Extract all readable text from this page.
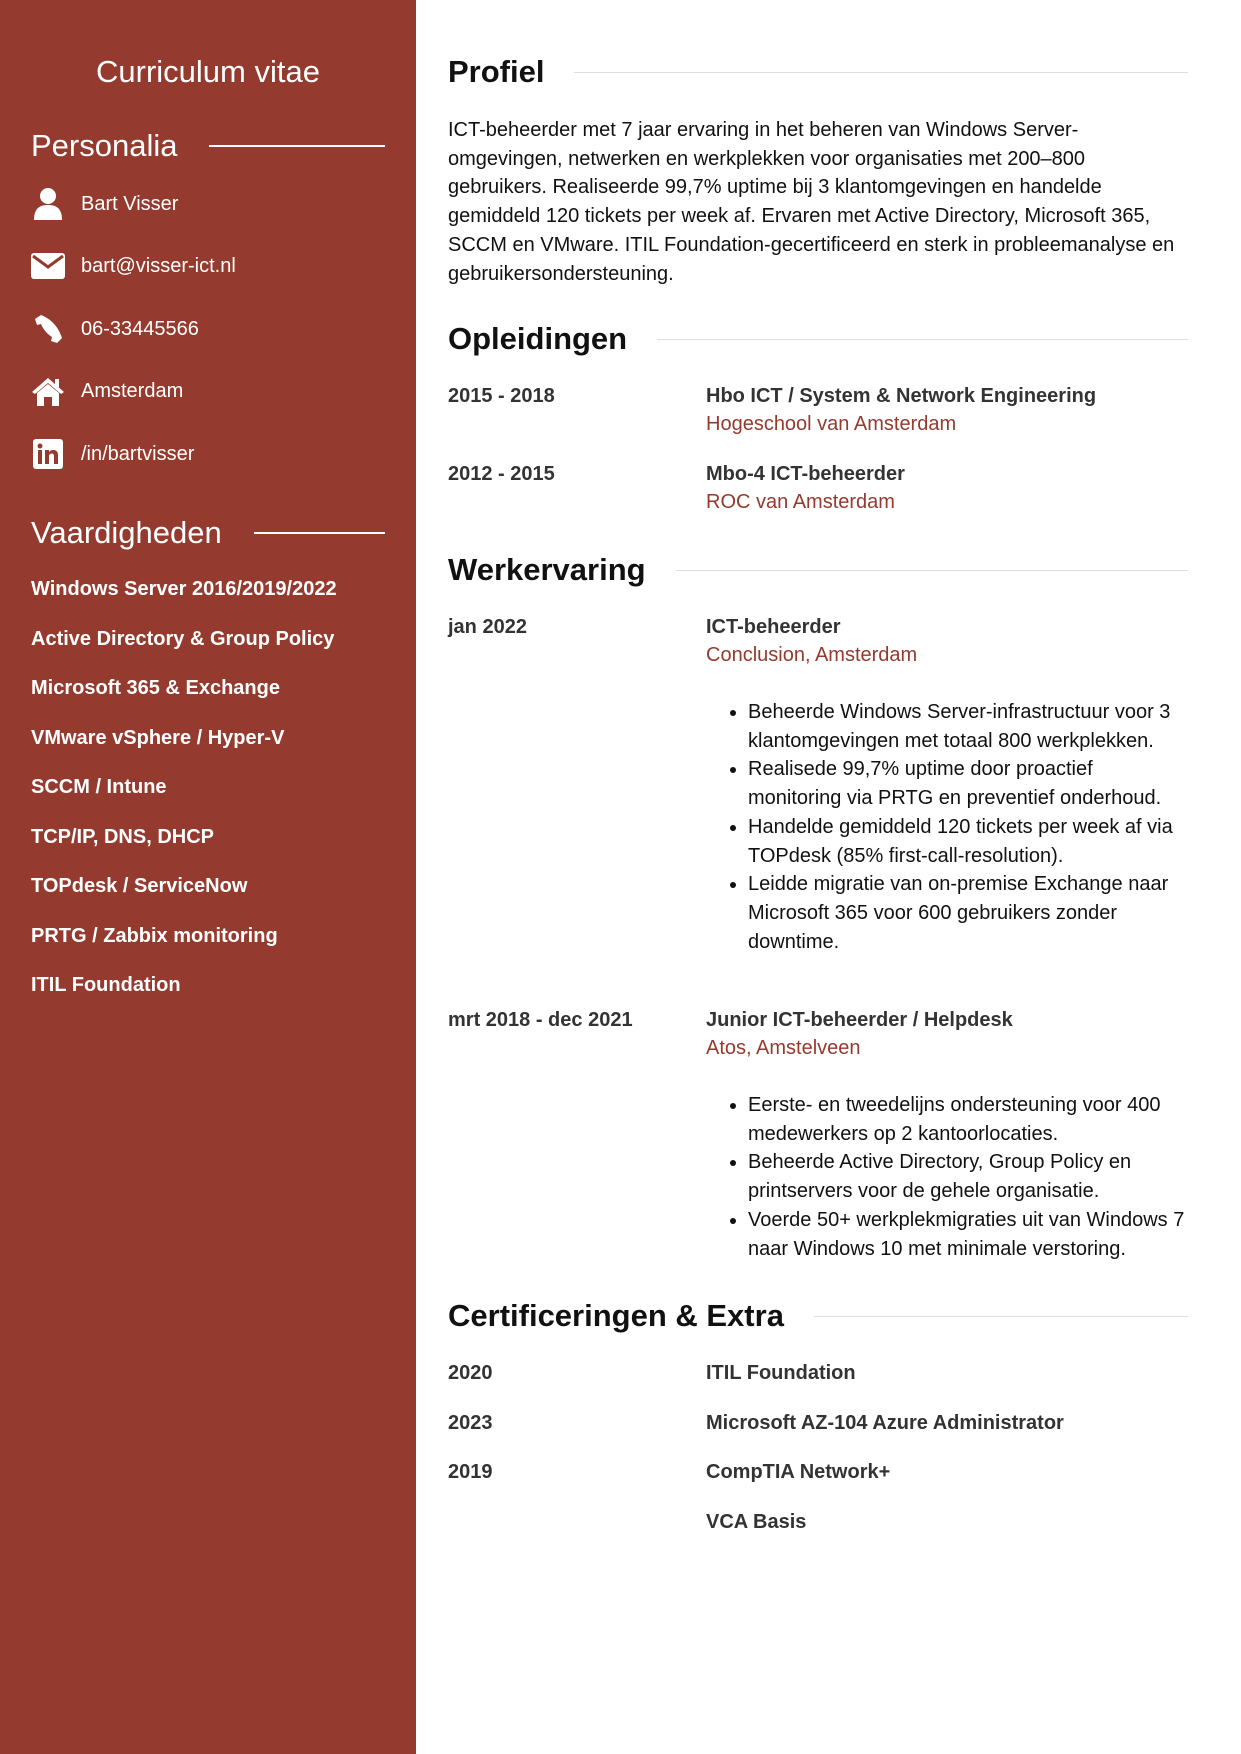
Curriculum vitae
Personalia
Bart Visser
bart@visser-ict.nl
06-33445566
Amsterdam
/in/bartvisser
Vaardigheden
Windows Server 2016/2019/2022
Active Directory & Group Policy
Microsoft 365 & Exchange
VMware vSphere / Hyper-V
SCCM / Intune
TCP/IP, DNS, DHCP
TOPdesk / ServiceNow
PRTG / Zabbix monitoring
ITIL Foundation
Profiel

ICT-beheerder met 7 jaar ervaring in het beheren van Windows Server-omgevingen, netwerken en werkplekken voor organisaties met 200–800 gebruikers. Realiseerde 99,7% uptime bij 3 klantomgevingen en handelde gemiddeld 120 tickets per week af. Ervaren met Active Directory, Microsoft 365, SCCM en VMware. ITIL Foundation-gecertificeerd en sterk in probleemanalyse en gebruikersondersteuning.

Opleidingen
2015 - 2018	Hbo ICT / System & Network Engineering
Hogeschool van Amsterdam
2012 - 2015	Mbo-4 ICT-beheerder
ROC van Amsterdam
Werkervaring
jan 2022	ICT-beheerder
Conclusion, Amsterdam
• Beheerde Windows Server-infrastructuur voor 3 klantomgevingen met totaal 800 werkplekken.
• Realisede 99,7% uptime door proactief monitoring via PRTG en preventief onderhoud.
• Handelde gemiddeld 120 tickets per week af via TOPdesk (85% first-call-resolution).
• Leidde migratie van on-premise Exchange naar Microsoft 365 voor 600 gebruikers zonder downtime.
mrt 2018 - dec 2021	Junior ICT-beheerder / Helpdesk
Atos, Amstelveen
• Eerste- en tweedelijns ondersteuning voor 400 medewerkers op 2 kantoorlocaties.
• Beheerde Active Directory, Group Policy en printservers voor de gehele organisatie.
• Voerde 50+ werkplekmigraties uit van Windows 7 naar Windows 10 met minimale verstoring.
Certificeringen & Extra
2020	ITIL Foundation
2023	Microsoft AZ-104 Azure Administrator
2019	CompTIA Network+
VCA Basis
